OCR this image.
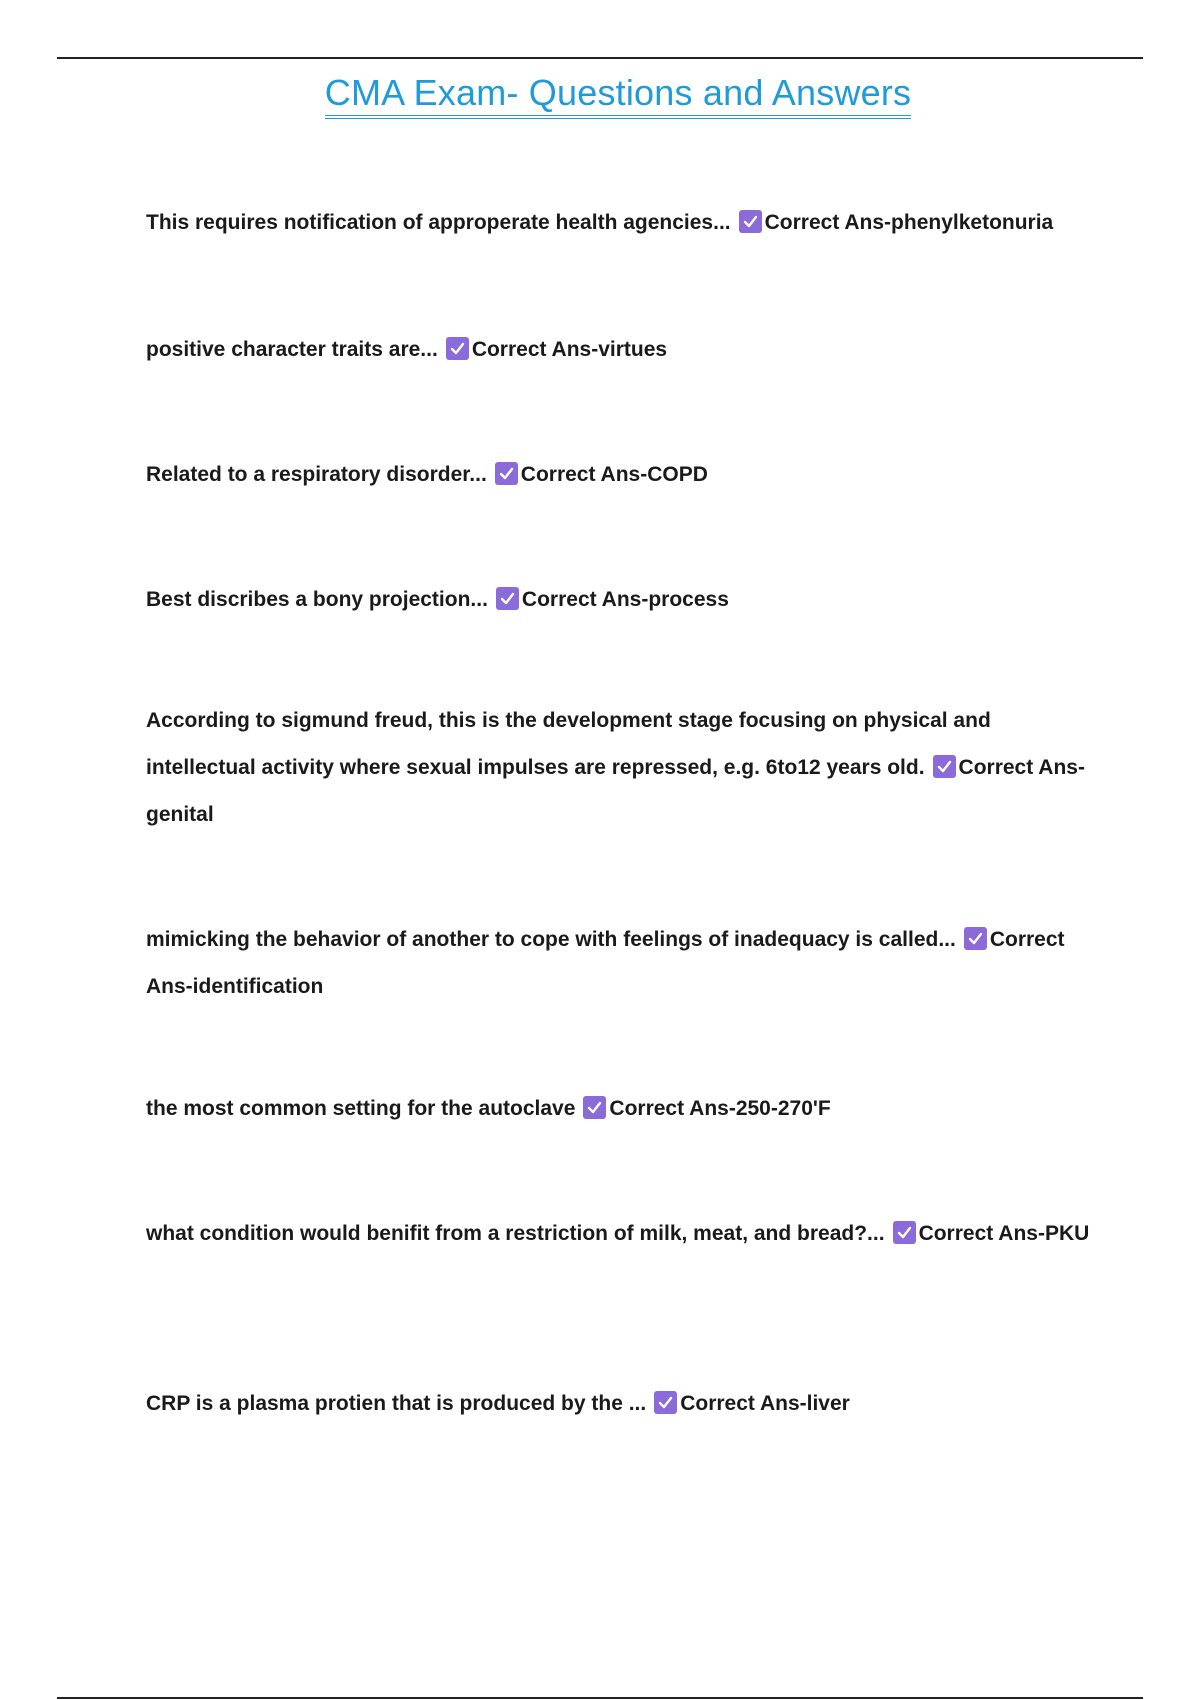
CMA Exam- Questions and Answers
This requires notification of approperate health agencies... Correct Ans-phenylketonuria
positive character traits are... Correct Ans-virtues
Related to a respiratory disorder... Correct Ans-COPD
Best discribes a bony projection... Correct Ans-process
According to sigmund freud, this is the development stage focusing on physical and intellectual activity where sexual impulses are repressed, e.g. 6to12 years old. Correct Ans-genital
mimicking the behavior of another to cope with feelings of inadequacy is called... Correct Ans-identification
the most common setting for the autoclave Correct Ans-250-270'F
what condition would benifit from a restriction of milk, meat, and bread?... Correct Ans-PKU
CRP is a plasma protien that is produced by the ... Correct Ans-liver
